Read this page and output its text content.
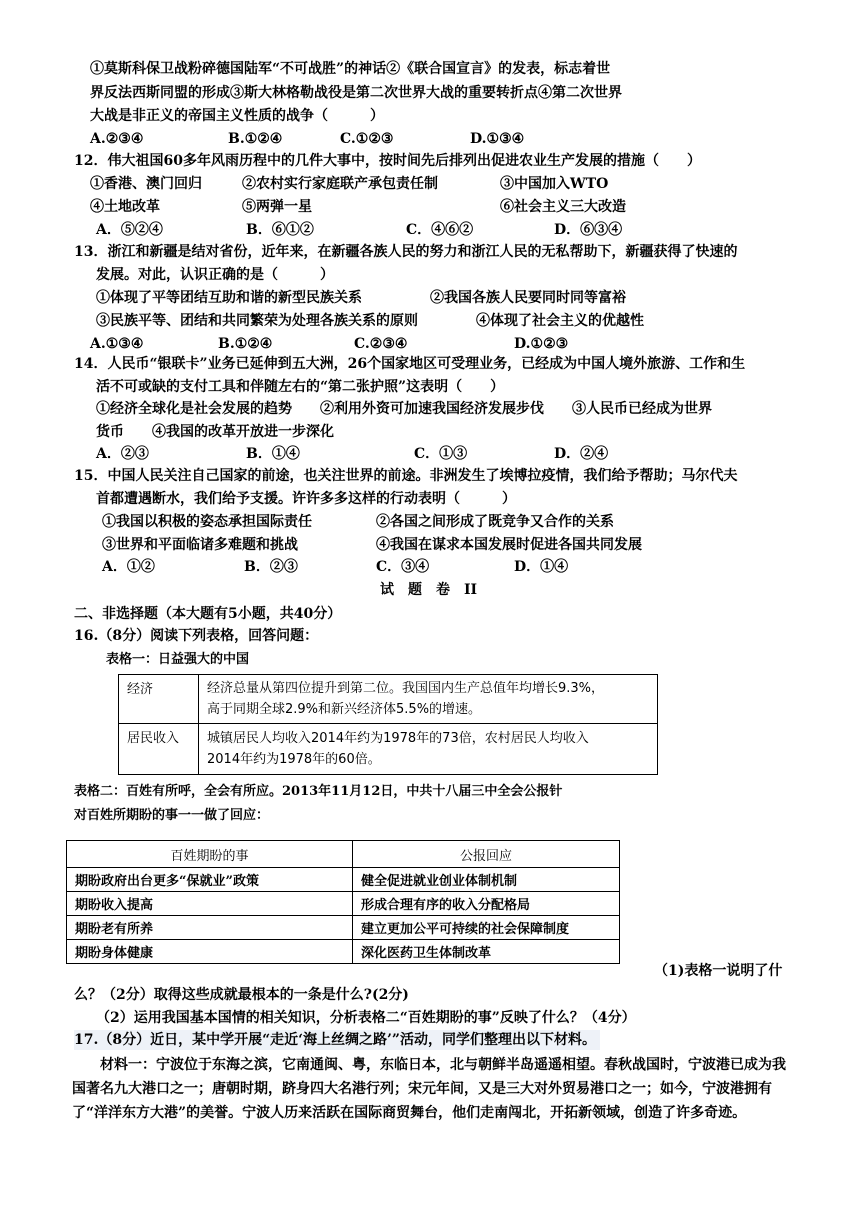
①莫斯科保卫战粉碎德国陆军“不可战胜”的神话②《联合国宣言》的发表，标志着世
界反法西斯同盟的形成③斯大林格勒战役是第二次世界大战的重要转折点④第二次世界
大战是非正义的帝国主义性质的战争（　　　）
A.②③④	B.①②④	C.①②③	D.①③④
12．伟大祖国60多年风雨历程中的几件大事中，按时间先后排列出促进农业生产发展的措施（　　）
①香港、澳门回归	②农村实行家庭联产承包责任制	③中国加入WTO
④土地改革	⑤两弹一星	⑥社会主义三大改造
A．⑤②④	B．⑥①②	C．④⑥②	D．⑥③④
13．浙江和新疆是结对省份，近年来，在新疆各族人民的努力和浙江人民的无私帮助下，新疆获得了快速的
发展。对此，认识正确的是（　　　）
①体现了平等团结互助和谐的新型民族关系	②我国各族人民要同时同等富裕
③民族平等、团结和共同繁荣为处理各族关系的原则	④体现了社会主义的优越性
A.①③④	B.①②④	C.②③④	D.①②③
14．人民币“银联卡”业务已延伸到五大洲，26个国家地区可受理业务，已经成为中国人境外旅游、工作和生
活不可或缺的支付工具和伴随左右的“第二张护照”这表明（　　）
①经济全球化是社会发展的趋势　　②利用外资可加速我国经济发展步伐　　③人民币已经成为世界
货币　　④我国的改革开放进一步深化
A．②③	B．①④	C．①③	D．②④
15．中国人民关注自己国家的前途，也关注世界的前途。非洲发生了埃博拉疫情，我们给予帮助；马尔代夫
首都遭遇断水，我们给予支援。许许多多这样的行动表明（　　　）
①我国以积极的姿态承担国际责任	②各国之间形成了既竞争又合作的关系
③世界和平面临诸多难题和挑战	④我国在谋求本国发展时促进各国共同发展
A．①②	B．②③	C．③④	D．①④
试　题　卷　II
二、非选择题（本大题有5小题，共40分）
16.（8分）阅读下列表格，回答问题：
表格一：日益强大的中国
经济	经济总量从第四位提升到第二位。我国国内生产总值年均增长9.3%，
高于同期全球2.9%和新兴经济体5.5%的增速。

居民收入	城镇居民人均收入2014年约为1978年的73倍，农村居民人均收入
2014年约为1978年的60倍。
表格二：百姓有所呼，全会有所应。2013年11月12日，中共十八届三中全会公报针
对百姓所期盼的事一一做了回应：
百姓期盼的事	公报回应
期盼政府出台更多“保就业”政策	健全促进就业创业体制机制
期盼收入提高	形成合理有序的收入分配格局
期盼老有所养	建立更加公平可持续的社会保障制度
期盼身体健康	深化医药卫生体制改革
（1)表格一说明了什
么？（2分）取得这些成就最根本的一条是什么?(2分)
（2）运用我国基本国情的相关知识，分析表格二“百姓期盼的事”反映了什么？（4分）
17.（8分）近日，某中学开展“走近‘海上丝绸之路’”活动，同学们整理出以下材料。
材料一：宁波位于东海之滨，它南通闽、粤，东临日本，北与朝鲜半岛遥遥相望。春秋战国时，宁波港已成为我国著名九大港口之一；唐朝时期，跻身四大名港行列；宋元年间，又是三大对外贸易港口之一；如今，宁波港拥有了“洋洋东方大港”的美誉。宁波人历来活跃在国际商贸舞台，他们走南闯北，开拓新领域，创造了许多奇迹。
